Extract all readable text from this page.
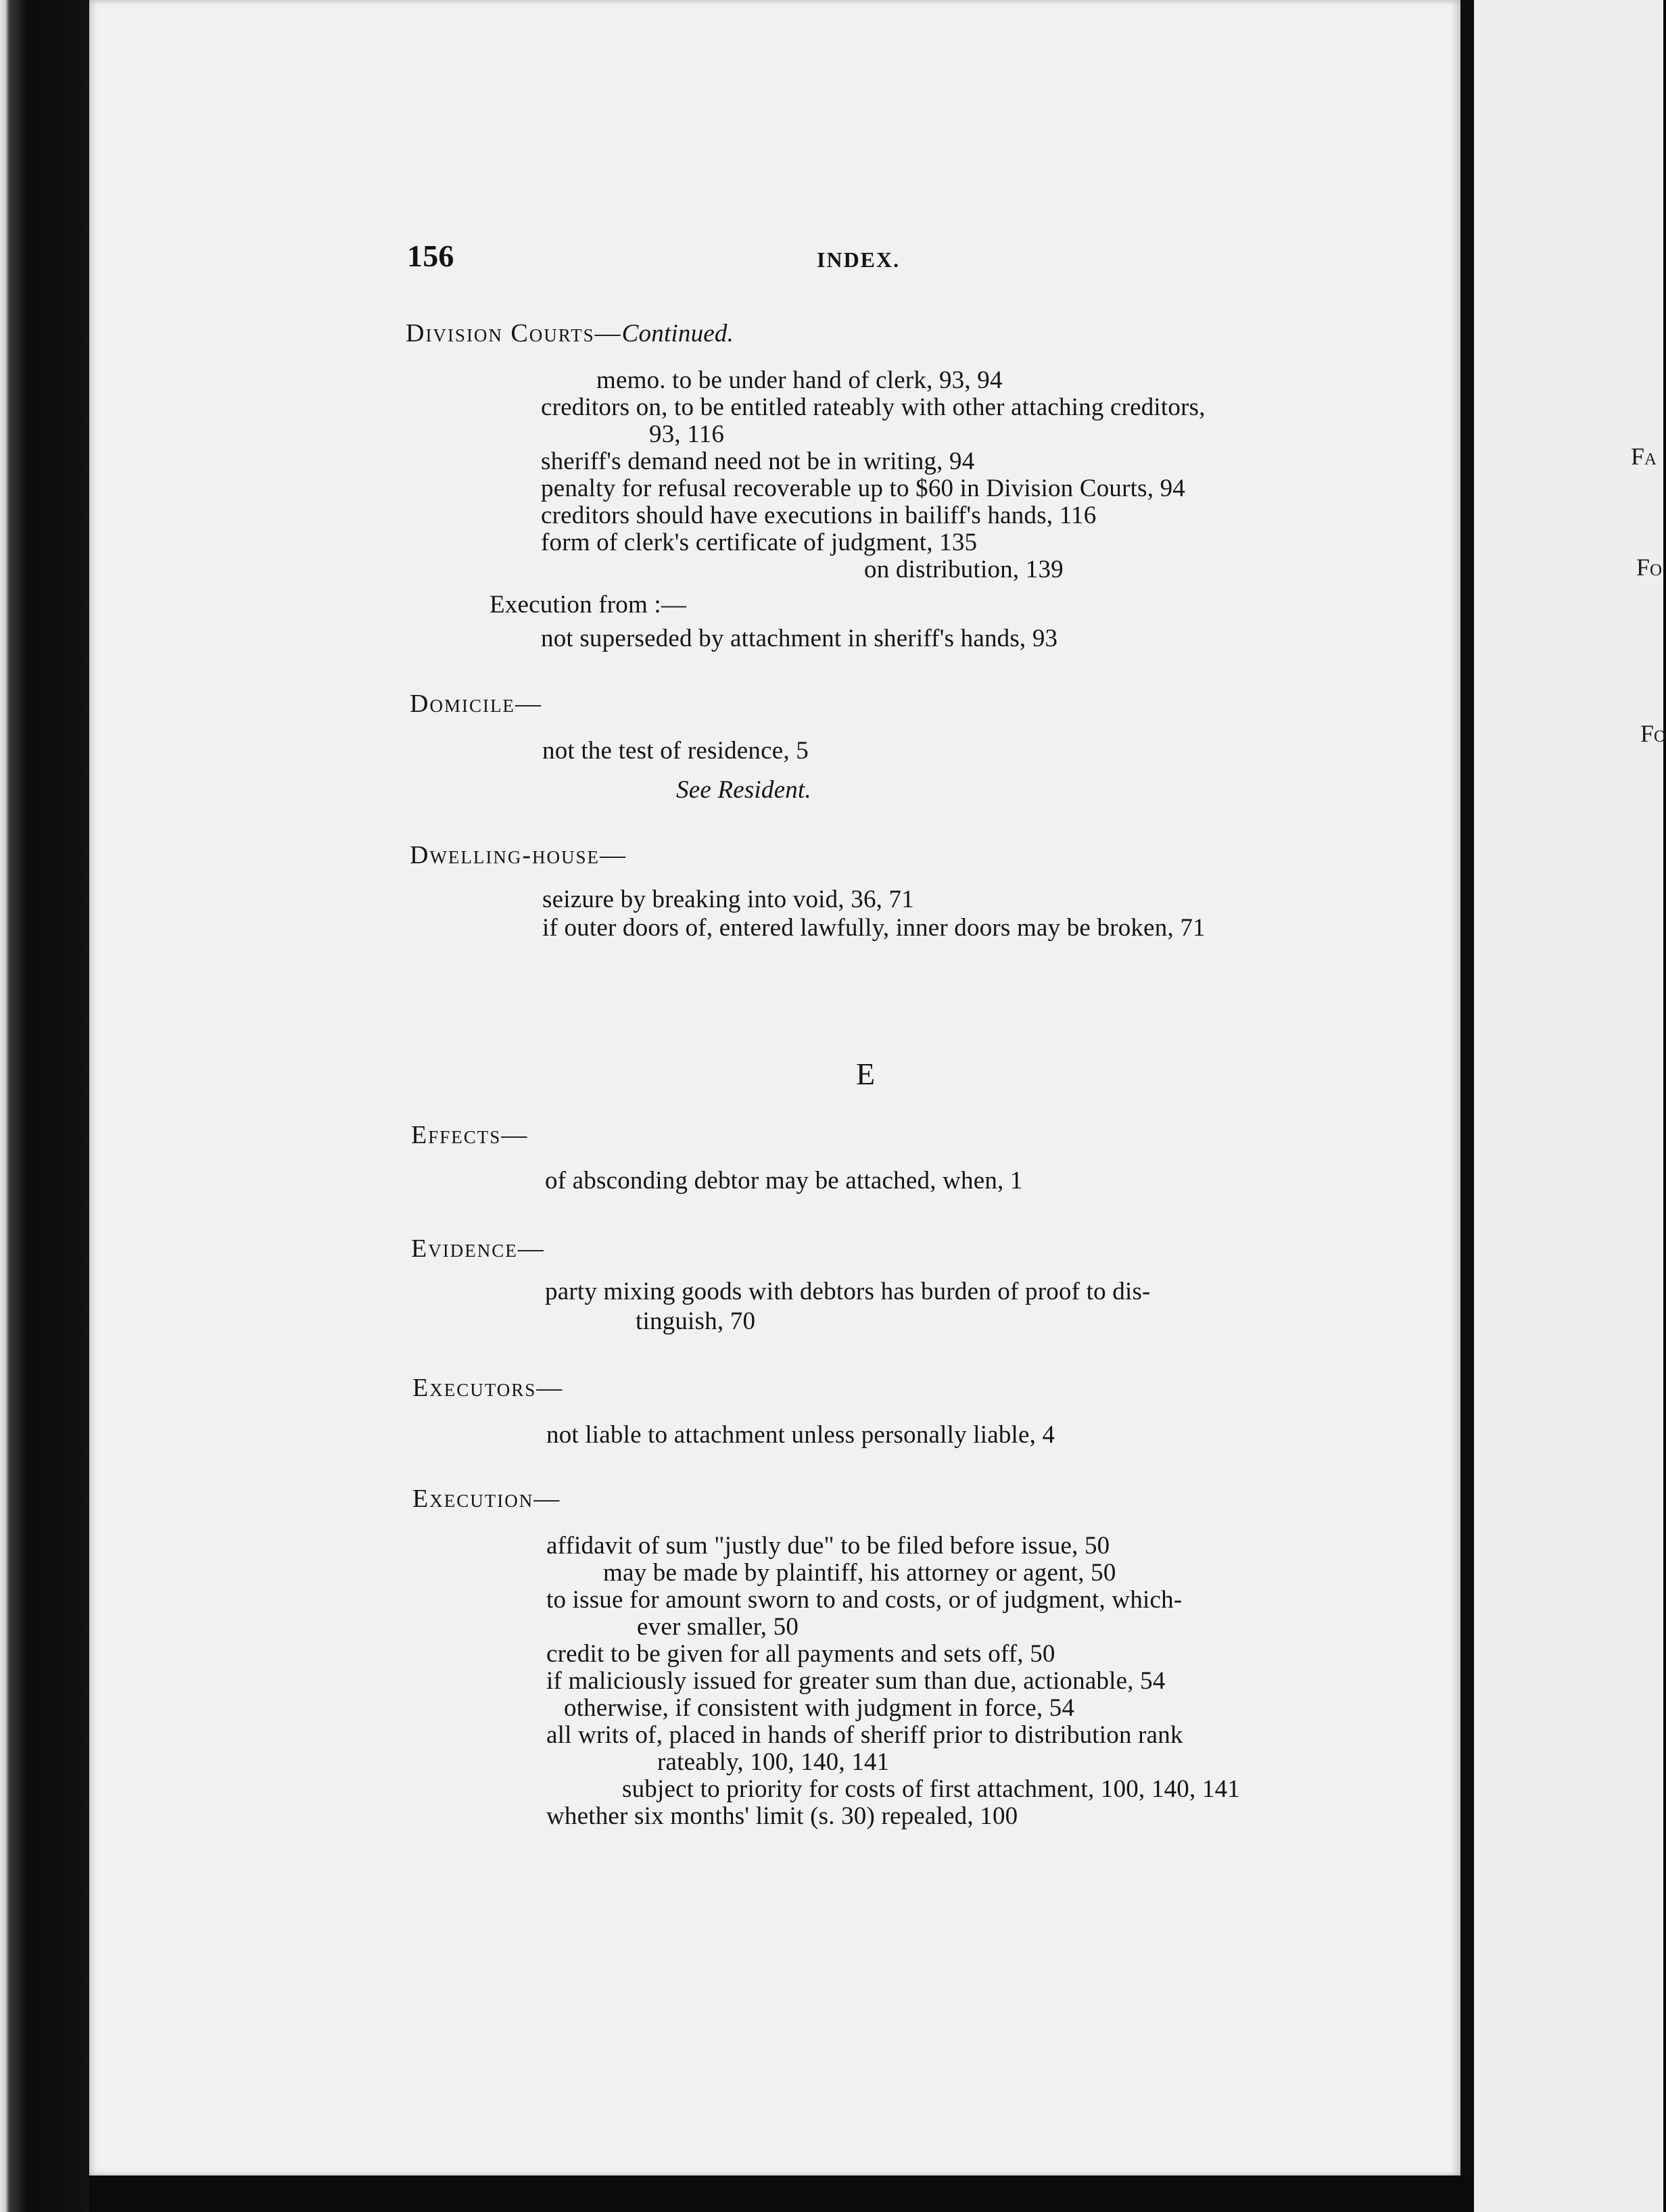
156	INDEX.
Division Courts—Continued.
memo. to be under hand of clerk, 93, 94
creditors on, to be entitled rateably with other attaching creditors,
93, 116
sheriff's demand need not be in writing, 94
penalty for refusal recoverable up to $60 in Division Courts, 94
creditors should have executions in bailiff's hands, 116
form of clerk's certificate of judgment, 135
on distribution, 139
Execution from :—
not superseded by attachment in sheriff's hands, 93
Domicile—
not the test of residence, 5
See Resident.
Dwelling-house—
seizure by breaking into void, 36, 71
if outer doors of, entered lawfully, inner doors may be broken, 71
E
Effects—
of absconding debtor may be attached, when, 1
Evidence—
party mixing goods with debtors has burden of proof to dis-
tinguish, 70
Executors—
not liable to attachment unless personally liable, 4
Execution—
affidavit of sum "justly due" to be filed before issue, 50
may be made by plaintiff, his attorney or agent, 50
to issue for amount sworn to and costs, or of judgment, which-
ever smaller, 50
credit to be given for all payments and sets off, 50
if maliciously issued for greater sum than due, actionable, 54
otherwise, if consistent with judgment in force, 54
all writs of, placed in hands of sheriff prior to distribution rank
rateably, 100, 140, 141
subject to priority for costs of first attachment, 100, 140, 141
whether six months' limit (s. 30) repealed, 100
Fa
Fo
Fo
